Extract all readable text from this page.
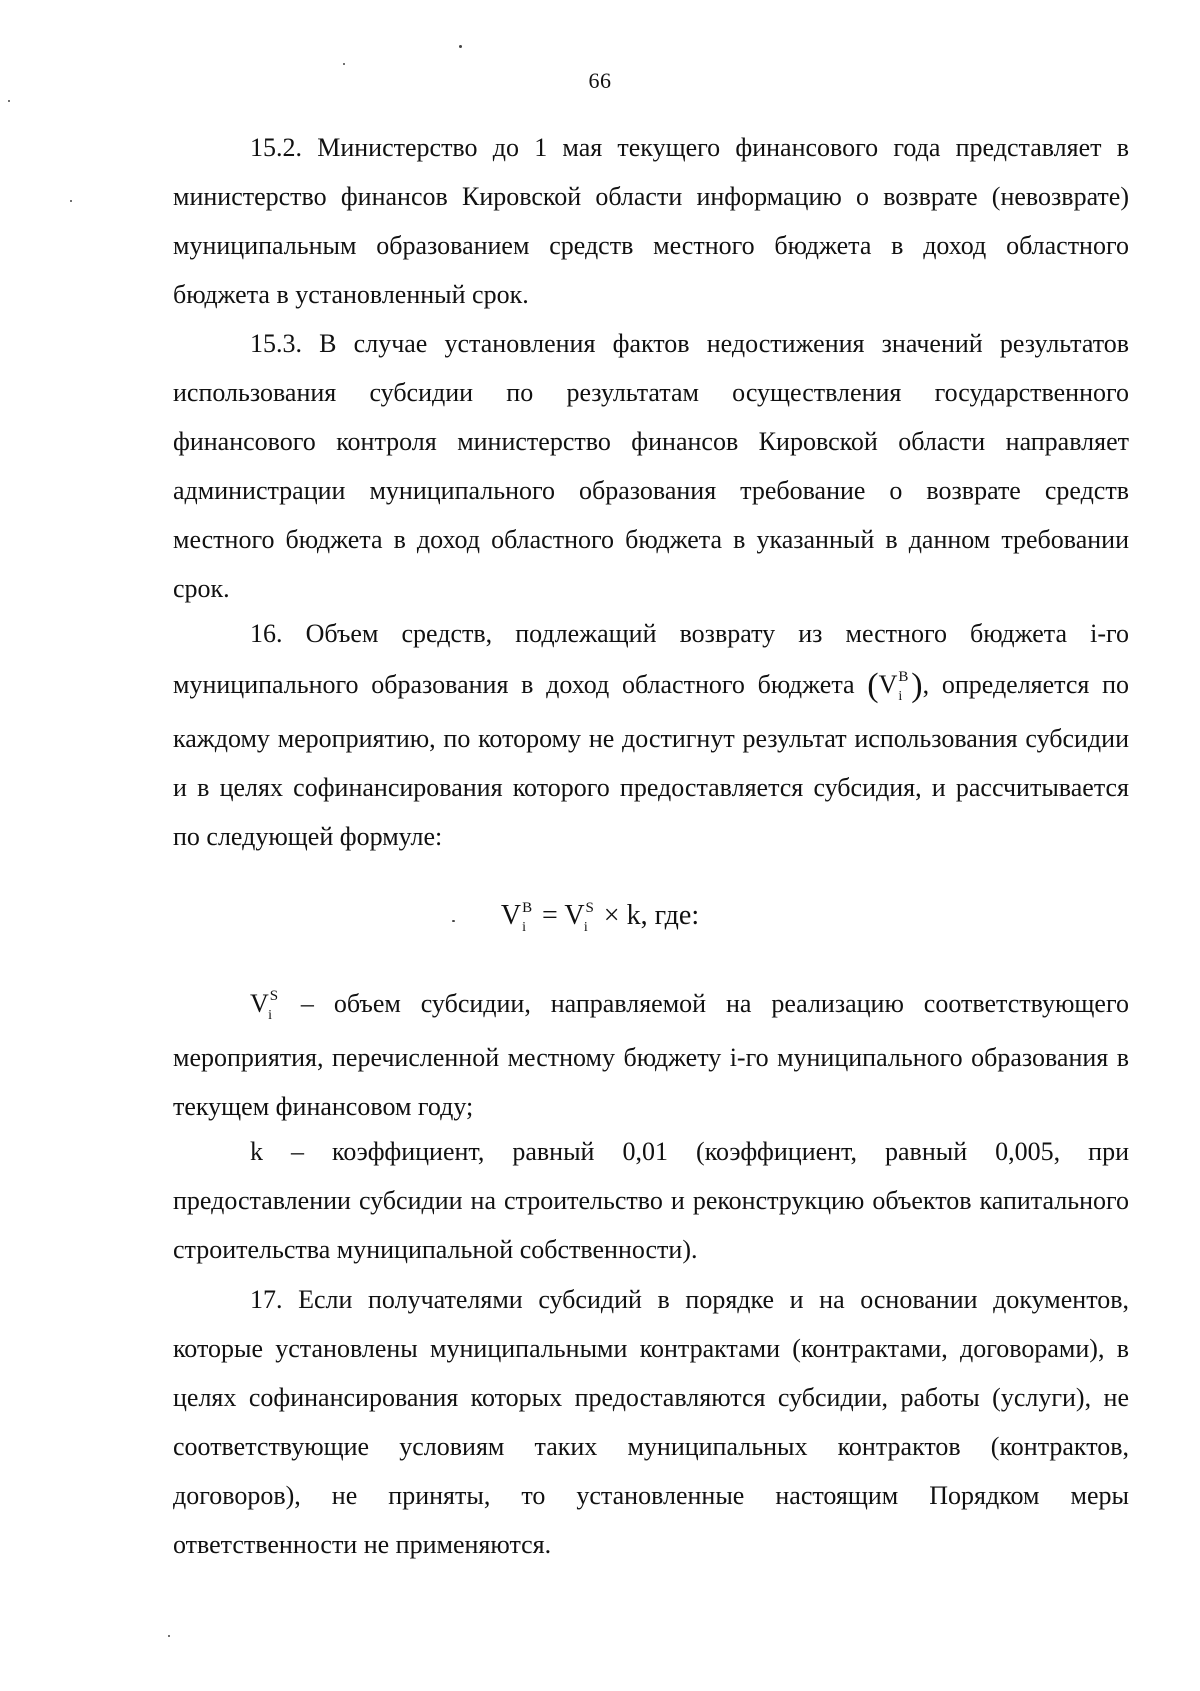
66

15.2. Министерство до 1 мая текущего финансового года представляет в министерство финансов Кировской области информацию о возврате (невозврате) муниципальным образованием средств местного бюджета в доход областного бюджета в установленный срок.

15.3. В случае установления фактов недостижения значений результатов использования субсидии по результатам осуществления государственного финансового контроля министерство финансов Кировской области направляет администрации муниципального образования требование о возврате средств местного бюджета в доход областного бюджета в указанный в данном требовании срок.

16. Объем средств, подлежащий возврату из местного бюджета i-го муниципального образования в доход областного бюджета ($V^B_i$ ), определяется по каждому мероприятию, по которому не достигнут результат использования субсидии и в целях софинансирования которого предоставляется субсидия, и рассчитывается по следующей формуле:

$V^B_i = V^S_i \times k$, где:

$V^S_i$ – объем субсидии, направляемой на реализацию соответствующего мероприятия, перечисленной местному бюджету i-го муниципального образования в текущем финансовом году;

k – коэффициент, равный 0,01 (коэффициент, равный 0,005, при предоставлении субсидии на строительство и реконструкцию объектов капитального строительства муниципальной собственности).

17. Если получателями субсидий в порядке и на основании документов, которые установлены муниципальными контрактами (контрактами, договорами), в целях софинансирования которых предоставляются субсидии, работы (услуги), не соответствующие условиям таких муниципальных контрактов (контрактов, договоров), не приняты, то установленные настоящим Порядком меры ответственности не применяются.
